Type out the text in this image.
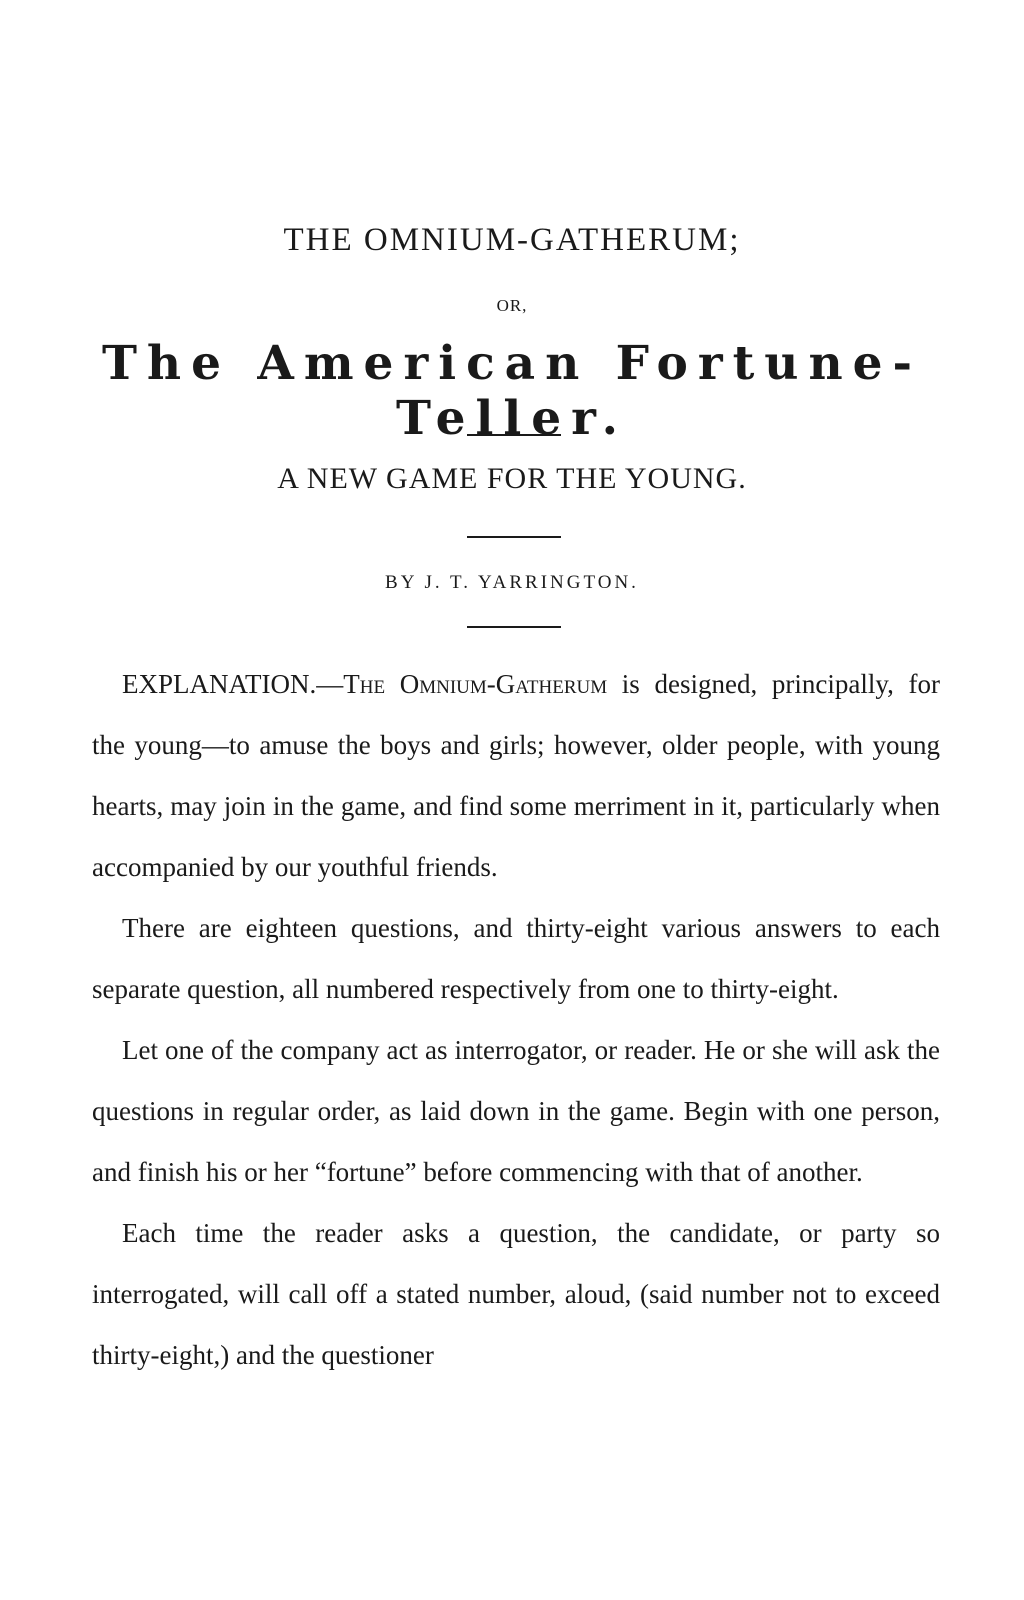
THE OMNIUM-GATHERUM;
OR,
The American Fortune-Teller.
A NEW GAME FOR THE YOUNG.
BY J. T. YARRINGTON.

EXPLANATION.—The Omnium-Gatherum is designed, principally, for the young—to amuse the boys and girls; however, older people, with young hearts, may join in the game, and find some merriment in it, particularly when accompanied by our youthful friends.

There are eighteen questions, and thirty-eight various answers to each separate question, all numbered respectively from one to thirty-eight.

Let one of the company act as interrogator, or reader. He or she will ask the questions in regular order, as laid down in the game. Begin with one person, and finish his or her “fortune” before commencing with that of another.

Each time the reader asks a question, the candidate, or party so interrogated, will call off a stated number, aloud, (said number not to exceed thirty-eight,) and the questioner
